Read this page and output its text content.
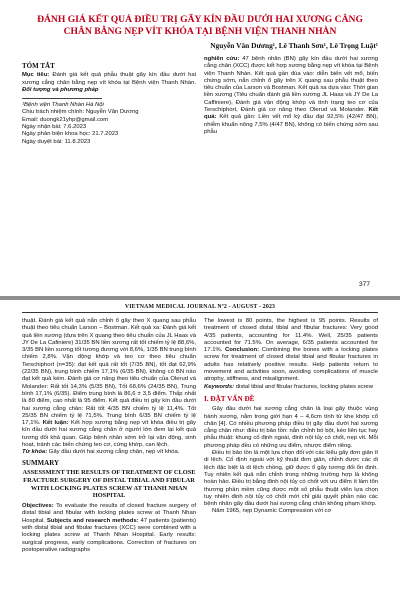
ĐÁNH GIÁ KẾT QUẢ ĐIỀU TRỊ GÃY KÍN ĐẦU DƯỚI HAI XƯƠNG CẲNG CHÂN BẰNG NẸP VÍT KHÓA TẠI BỆNH VIỆN THANH NHÀN
Nguyễn Văn Dương¹, Lê Thanh Sơn¹, Lê Trọng Luật¹
TÓM TẮT

Mục tiêu: Đánh giá kết quả phẫu thuật gãy kín đầu dưới hai xương cẳng chân bằng nẹp vít khóa tại Bệnh viện Thanh Nhàn. Đối tượng và phương pháp

¹Bệnh viện Thanh Nhàn Hà Nội
Chịu trách nhiệm chính: Nguyễn Văn Dương
Email: duongk21yhp@gmail.com
Ngày nhận bài: 7.6.2023
Ngày phản biện khoa học: 21.7.2023
Ngày duyệt bài: 11.8.2023

nghiên cứu: 47 bệnh nhân (BN) gãy kín đầu dưới hai xương cẳng chân (XCC) được kết hợp xương bằng nẹp vít khóa tại Bệnh viện Thanh Nhàn. Kết quả gần đúa vào: diễn biến vết mổ, biến chứng sớm, nắn chỉnh ổ gãy trên X quang sau phẫu thuật theo tiêu chuẩn của Larson và Bostman. Kết quả xa dựa vào: Thời gian liền xương (Tiêu chuẩn đánh giá liền xương JL Haas và JY De La Caffiniere), Đánh giá vận động khớp và tình trạng teo cơ của Terschiphort, Đánh giá cơ năng theo Olerud và Molander. Kết quả: Kết quả gần: Liền vết mổ kỳ đầu đạt 92,5% (42/47 BN), nhiễm khuẩn nông 7,5% (4/47 BN), không có biến chứng sớm sau phẫu

377
VIETNAM MEDICAL JOURNAL Nº2 - AUGUST - 2023

thuật. Đánh giá kết quả nắn chỉnh ổ gãy theo X quang sau phẫu thuật theo tiêu chuẩn Larson – Bostman. Kết quả xa: Đánh giá kết quả liền xương (dựa trên X quang theo tiêu chuẩn của JL Haas và JY De La Cafiniere) 31/35 BN liền xương rất tốt chiếm tỷ lệ 88,6%, 3/35 BN liền xương tốt tương đương với 8,6%, 1/35 BN trung bình chiếm 2,8%. Vận động khớp và teo cơ theo tiêu chuẩn Terschiphort (n=35): đạt kết quả rất tốt (7/35 BN), tốt đạt 62,9% (22/35 BN), trung bình chiếm 17,1% (6/35 BN), không có BN nào đạt kết quả kém. Đánh giá cơ năng theo tiêu chuẩn của Olerud và Molander: Rất tốt 14,3% (5/35 BN), Tốt 68,6% (24/35 BN), Trung bình 17,1% (6/35). Điểm trung bình là 86,6 ± 3,5 điểm. Thấp nhất là 80 điểm, cao nhất là 95 điểm. Kết quả điều trị gãy kín đầu dưới hai xương cẳng chân: Rất tốt 4/35 BN chiếm tỷ lệ 11,4%. Tốt 25/35 BN chiếm tỷ lệ 71,5%. Trung bình 6/35 BN chiếm tỷ lệ 17,1%. Kết luận: Kết hợp xương bằng nẹp vít khóa điều trị gãy kín đầu dưới hai xương cẳng chân ở người lớn đem lại kết quả tương đối khả quan. Giúp bệnh nhân sớm trở lại vận động, sinh hoạt, tránh các biến chứng teo cơ, cứng khớp, can lệch.

Từ khóa: Gãy đầu dưới hai xương cẳng chân, nẹp vít khóa.

SUMMARY
ASSESSMENT THE RESULTS OF TREATMENT OF CLOSE FRACTURE SURGERY OF DISTAL TIBIAL AND FIBULAR WITH LOCKING PLATES SCREW AT THANH NHAN HOSPITAL

Objectives: To evaluate the results of closed fracture surgery of distal tibial and fibular with locking plates screw at Thanh Nhan Hospital. Subjects and research methods: 47 patients (patients) with distal tibial and fibular fractures (XCC) were combined with a locking plates screw at Thanh Nhan Hospital. Early results: surgical progress, early complications. Correction of fractures on postoperative radiographs

The lowest is 80 points, the highest is 95 points. Results of treatment of closed distal tibial and fibular fractures: Very good 4/35 patients, accounting for 11.4%. Well, 25/35 patients accounted for 71.5%. On average, 6/35 patients accounted for 17.1%. Conclusion: Combining the bones with a locking plates screw for treatment of closed distal tibial and fibular fractures in adults has relatively positive results. Help patients return to movement and activities soon, avoiding complications of muscle atrophy, stiffness, and misalignment.

Keywords: distal tibial and fibular fractures, locking plates screw

I. ĐẶT VẤN ĐỀ

Gãy đầu dưới hai xương cẳng chân là loại gãy thuộc vùng hành xương, nằm trong giới hạn 4 – 4,6cm tính từ khe khớp cổ chân [4]. Có nhiều phương pháp điều trị gãy đầu dưới hai xương cẳng chân như: điều trị bảo tồn: nắn chỉnh bó bột, kéo liên tục hay phẫu thuật: khung cố định ngoài, đinh nội tủy có chốt, nẹp vít. Mỗi phương pháp đều có những ưu điểm, nhược điểm riêng.

Điều trị bảo tồn là một lựa chọn đối với các kiểu gãy đơn giản ít di lệch. Cố định ngoài với kỹ thuật đơn giản, chỉnh được các di lệch đặc biệt là di lệch chồng, giữ được ổ gãy tương đối ổn định. Tuy nhiên kết quả nắn chỉnh trong những trường hợp là không hoàn hảo. Điều trị bằng đinh nội tủy có chốt với ưu điểm ít làm tổn thương phần mềm cũng được một số phẫu thuật viên lựa chọn tuy nhiên đinh nội tủy có chốt mới chỉ giải quyết phần nào các bệnh nhân gãy đầu dưới hai xương cẳng chân không phạm khớp.

Năm 1965, nẹp Dynamic Compression với cơ
